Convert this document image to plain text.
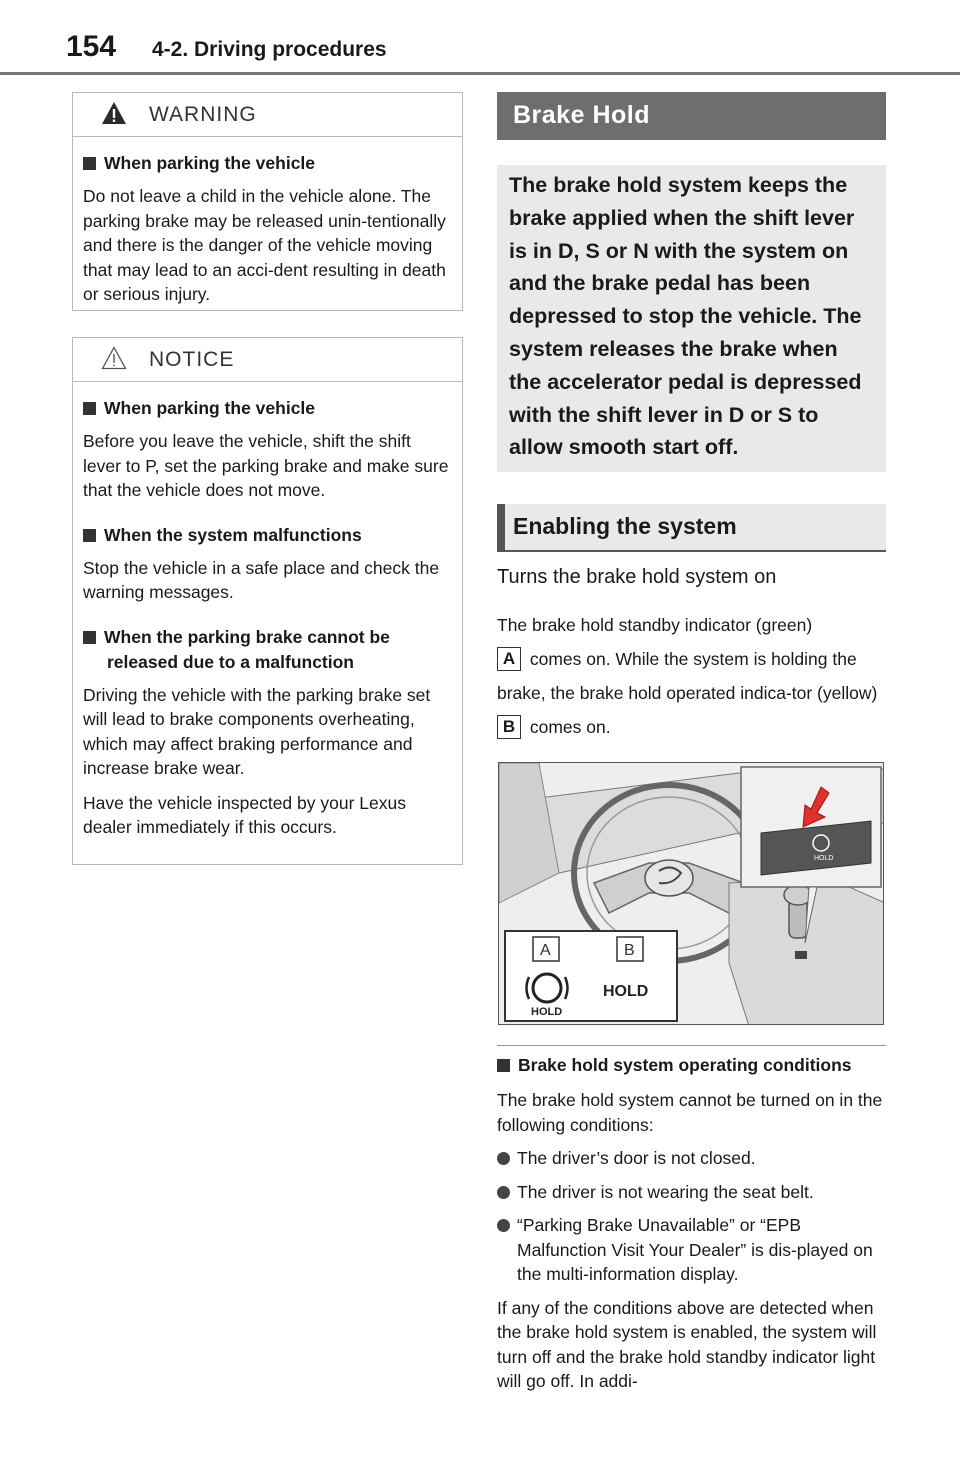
154 4-2. Driving procedures
WARNING
When parking the vehicle
Do not leave a child in the vehicle alone. The parking brake may be released unin-tentionally and there is the danger of the vehicle moving that may lead to an acci-dent resulting in death or serious injury.
NOTICE
When parking the vehicle
Before you leave the vehicle, shift the shift lever to P, set the parking brake and make sure that the vehicle does not move.
When the system malfunctions
Stop the vehicle in a safe place and check the warning messages.
When the parking brake cannot be released due to a malfunction
Driving the vehicle with the parking brake set will lead to brake components overheating, which may affect braking performance and increase brake wear.
Have the vehicle inspected by your Lexus dealer immediately if this occurs.
Brake Hold

The brake hold system keeps the brake applied when the shift lever is in D, S or N with the system on and the brake pedal has been depressed to stop the vehicle. The system releases the brake when the accelerator pedal is depressed with the shift lever in D or S to allow smooth start off.

Enabling the system
Turns the brake hold system on
The brake hold standby indicator (green)
A comes on. While the system is holding the brake, the brake hold operated indica-tor (yellow) B comes on.
HOLD
A	B
HOLD
HOLD
Brake hold system operating conditions
The brake hold system cannot be turned on in the following conditions:
The driver’s door is not closed.
The driver is not wearing the seat belt.
“Parking Brake Unavailable” or “EPB Malfunction Visit Your Dealer” is dis-played on the multi-information display.
If any of the conditions above are detected when the brake hold system is enabled, the system will turn off and the brake hold standby indicator light will go off. In addi-
